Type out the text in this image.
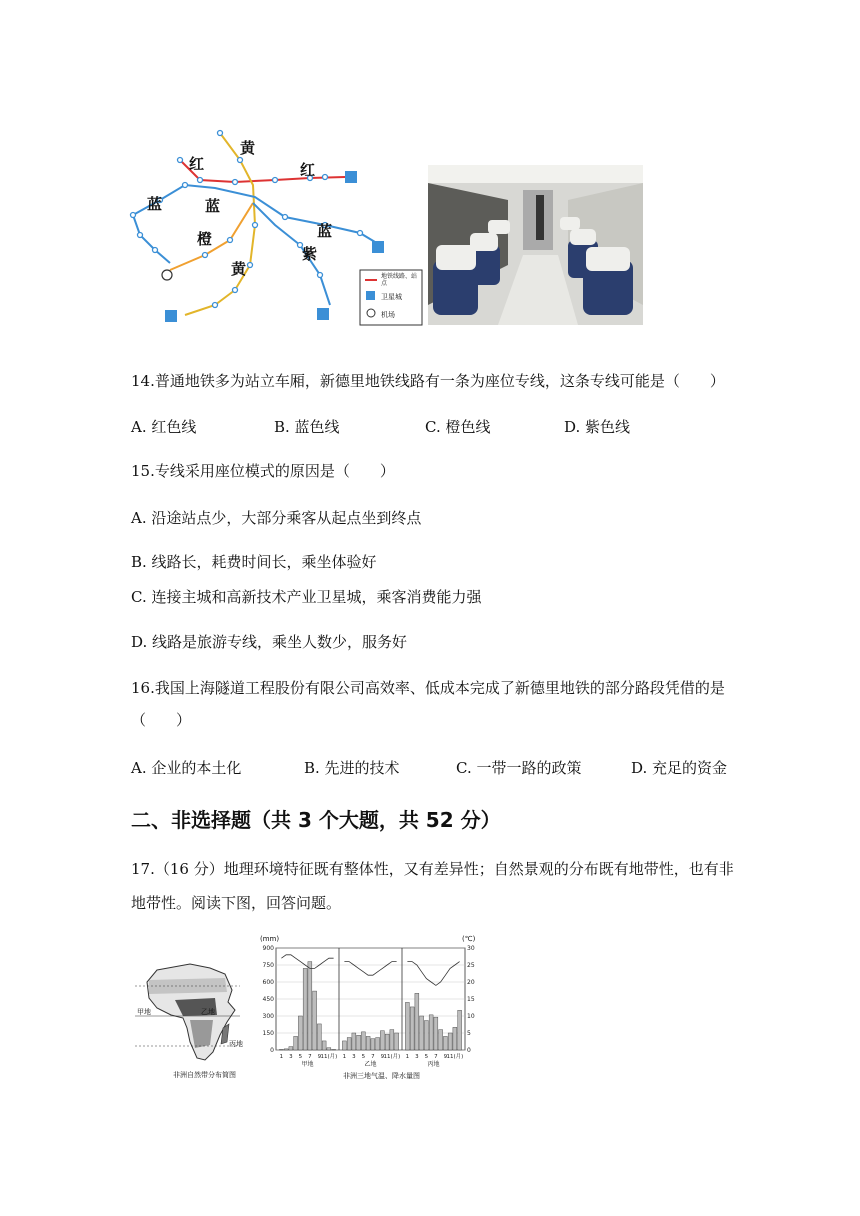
黄
红	红
蓝	蓝
橙	蓝
紫
黄	地铁线路、站点
卫星城
机场
14.普通地铁多为站立车厢，新德里地铁线路有一条为座位专线，这条专线可能是（　　）
A. 红色线	B. 蓝色线	C. 橙色线	D. 紫色线
15.专线采用座位模式的原因是（　　）
A. 沿途站点少，大部分乘客从起点坐到终点
B. 线路长，耗费时间长，乘坐体验好
C. 连接主城和高新技术产业卫星城，乘客消费能力强
D. 线路是旅游专线，乘坐人数少，服务好
16.我国上海隧道工程股份有限公司高效率、低成本完成了新德里地铁的部分路段凭借的是
（　　）
A. 企业的本土化	B. 先进的技术	C. 一带一路的政策	D. 充足的资金
二、非选择题（共 3 个大题，共 52 分）
17.（16 分）地理环境特征既有整体性，又有差异性；自然景观的分布既有地带性，也有非
地带性。阅读下图，回答问题。
甲地	乙地
丙地
非洲自然带分布简图
(mm)	(℃)
900
750
600
450
300
150
0
30
25
20
15
10
5
0
1 3 5 7 9 11(月)
甲地
1 3 5 7 9 11(月)
乙地
1 3 5 7 9 11(月)
丙地
非洲三地气温、降水量图
